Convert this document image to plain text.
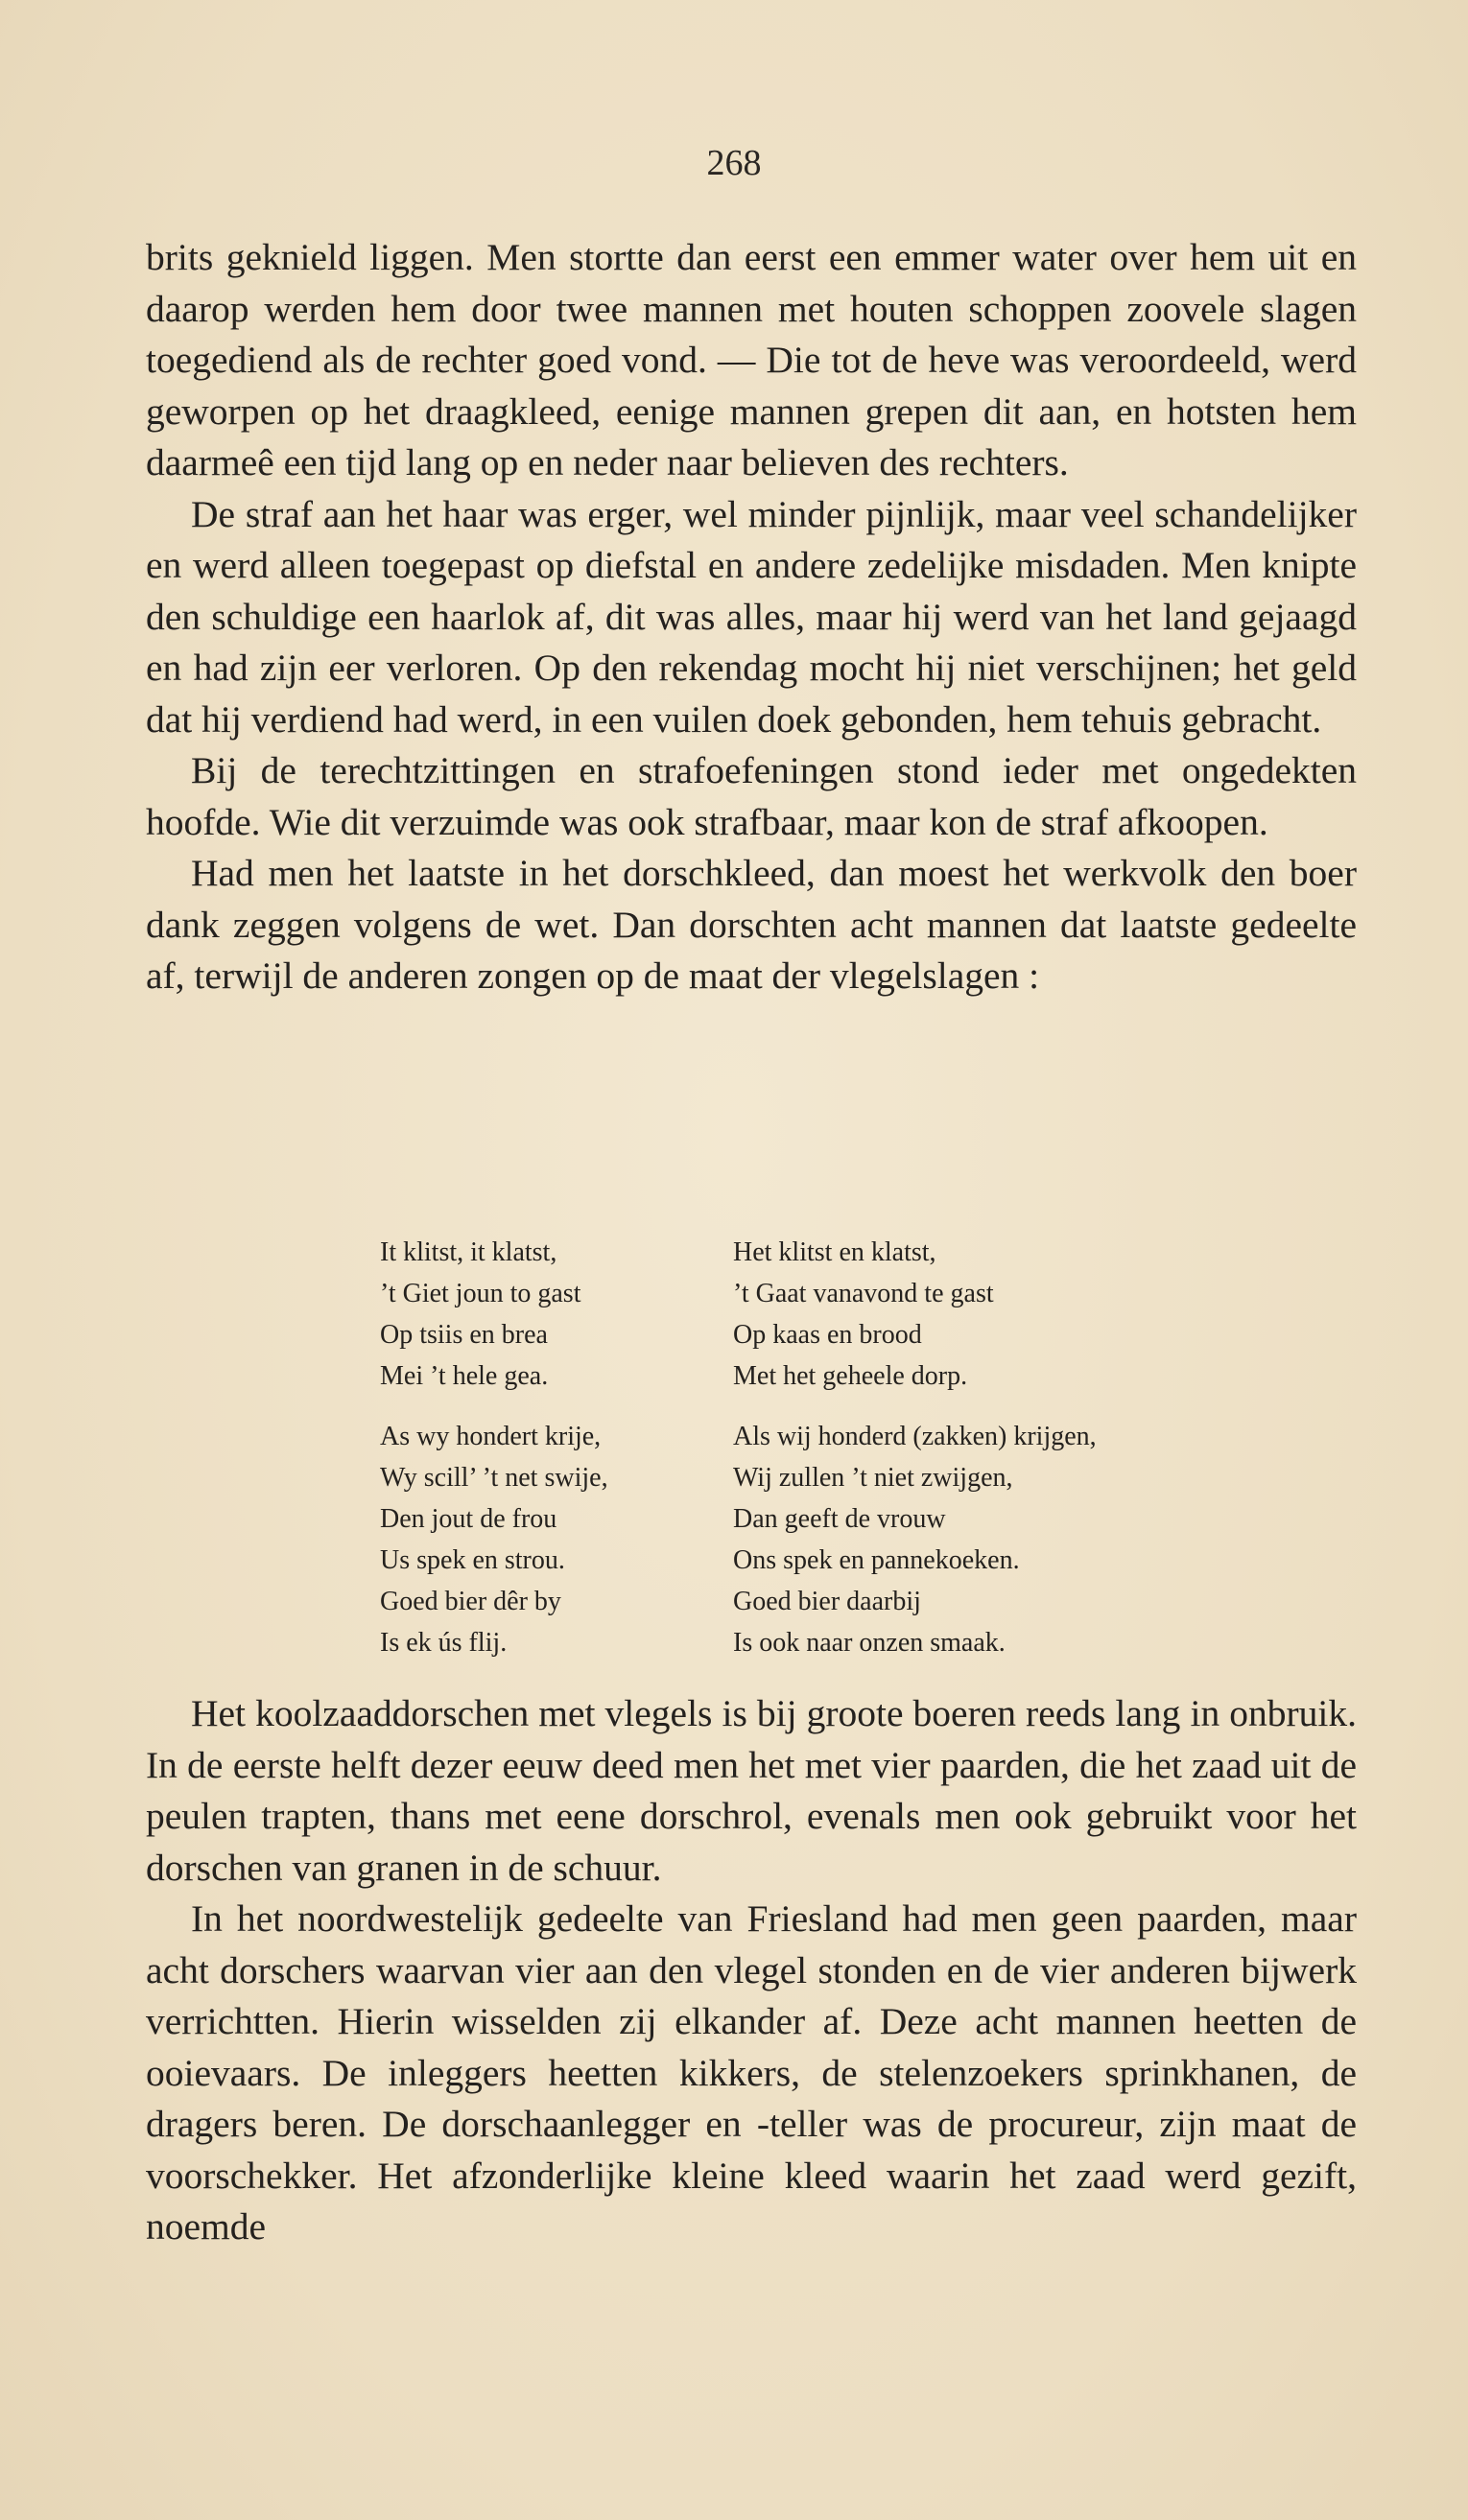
268

brits geknield liggen. Men stortte dan eerst een emmer water over hem uit en daarop werden hem door twee mannen met houten schoppen zoovele slagen toegediend als de rechter goed vond. — Die tot de heve was veroordeeld, werd geworpen op het draagkleed, eenige mannen grepen dit aan, en hotsten hem daarmeê een tijd lang op en neder naar believen des rechters.

De straf aan het haar was erger, wel minder pijnlijk, maar veel schandelijker en werd alleen toegepast op diefstal en andere zedelijke misdaden. Men knipte den schuldige een haarlok af, dit was alles, maar hij werd van het land gejaagd en had zijn eer verloren. Op den rekendag mocht hij niet verschijnen; het geld dat hij verdiend had werd, in een vuilen doek gebonden, hem tehuis gebracht.

Bij de terechtzittingen en strafoefeningen stond ieder met ongedekten hoofde. Wie dit verzuimde was ook strafbaar, maar kon de straf afkoopen.

Had men het laatste in het dorschkleed, dan moest het werkvolk den boer dank zeggen volgens de wet. Dan dorschten acht mannen dat laatste gedeelte af, terwijl de anderen zongen op de maat der vlegelslagen :

It klitst, it klatst,	Het klitst en klatst,
’t Giet joun to gast	’t Gaat vanavond te gast
Op tsiis en brea	Op kaas en brood
Mei ’t hele gea.	Met het geheele dorp.
As wy hondert krije,	Als wij honderd (zakken) krijgen,
Wy scill’ ’t net swije,	Wij zullen ’t niet zwijgen,
Den jout de frou	Dan geeft de vrouw
Us spek en strou.	Ons spek en pannekoeken.
Goed bier dêr by	Goed bier daarbij
Is ek ús flij.	Is ook naar onzen smaak.

Het koolzaaddorschen met vlegels is bij groote boeren reeds lang in onbruik. In de eerste helft dezer eeuw deed men het met vier paarden, die het zaad uit de peulen trapten, thans met eene dorschrol, evenals men ook gebruikt voor het dorschen van granen in de schuur.

In het noordwestelijk gedeelte van Friesland had men geen paarden, maar acht dorschers waarvan vier aan den vlegel stonden en de vier anderen bijwerk verrichtten. Hierin wisselden zij elkander af. Deze acht mannen heetten de ooievaars. De inleggers heetten kikkers, de stelenzoekers sprinkhanen, de dragers beren. De dorschaanlegger en -teller was de procureur, zijn maat de voorschekker. Het afzonderlijke kleine kleed waarin het zaad werd gezift, noemde
